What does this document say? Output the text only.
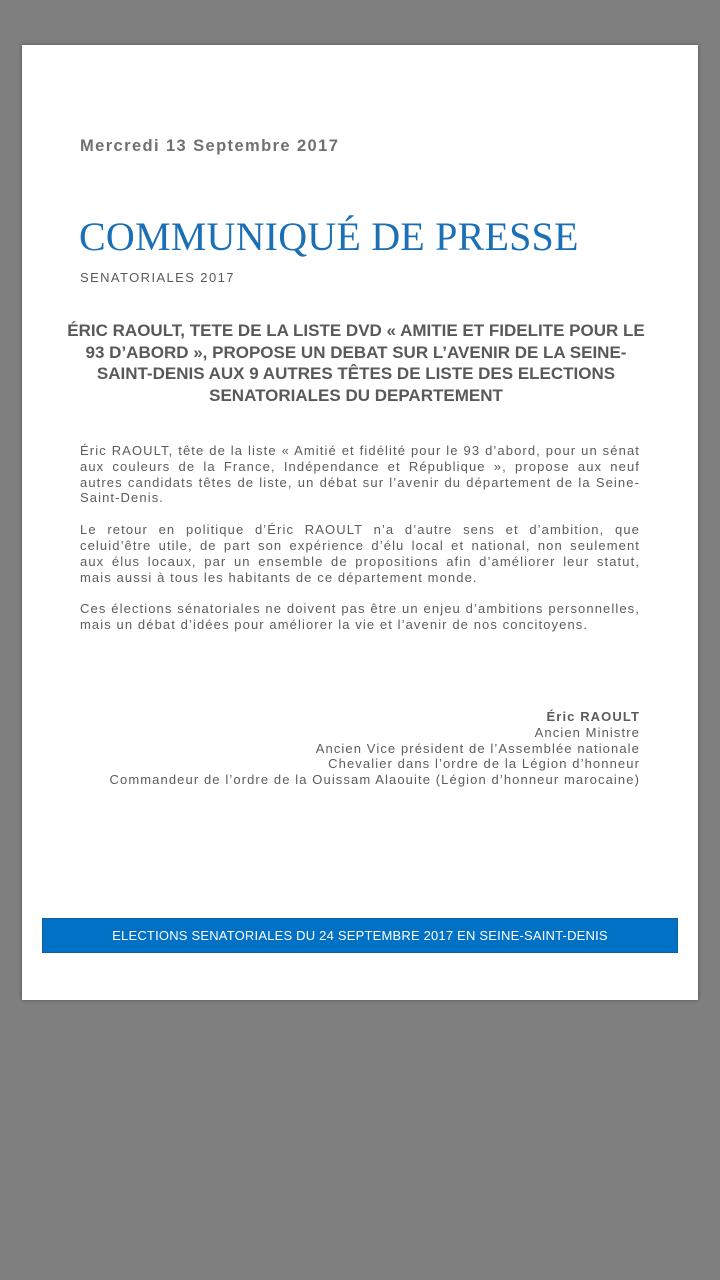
Mercredi 13 Septembre 2017
COMMUNIQUÉ DE PRESSE
SENATORIALES 2017
ÉRIC RAOULT, TETE DE LA LISTE DVD « AMITIE ET FIDELITE POUR LE 93 D’ABORD », PROPOSE UN DEBAT SUR L’AVENIR DE LA SEINE-SAINT-DENIS AUX 9 AUTRES TÊTES DE LISTE DES ELECTIONS SENATORIALES DU DEPARTEMENT

Éric RAOULT, tête de la liste « Amitié et fidélité pour le 93 d’abord, pour un sénat aux couleurs de la France, Indépendance et République », propose aux neuf autres candidats têtes de liste, un débat sur l’avenir du département de la Seine-Saint-Denis.

Le retour en politique d’Éric RAOULT n’a d’autre sens et d’ambition, que celuid’être utile, de part son expérience d’élu local et national, non seulement aux élus locaux, par un ensemble de propositions afin d’améliorer leur statut, mais aussi à tous les habitants de ce département monde.

Ces élections sénatoriales ne doivent pas être un enjeu d’ambitions personnelles, mais un débat d’idées pour améliorer la vie et l’avenir de nos concitoyens.

Éric RAOULT
Ancien Ministre
Ancien Vice président de l’Assemblée nationale
Chevalier dans l’ordre de la Légion d’honneur
Commandeur de l’ordre de la Ouissam Alaouite (Légion d’honneur marocaine)
ELECTIONS SENATORIALES DU 24 SEPTEMBRE 2017 EN SEINE-SAINT-DENIS
